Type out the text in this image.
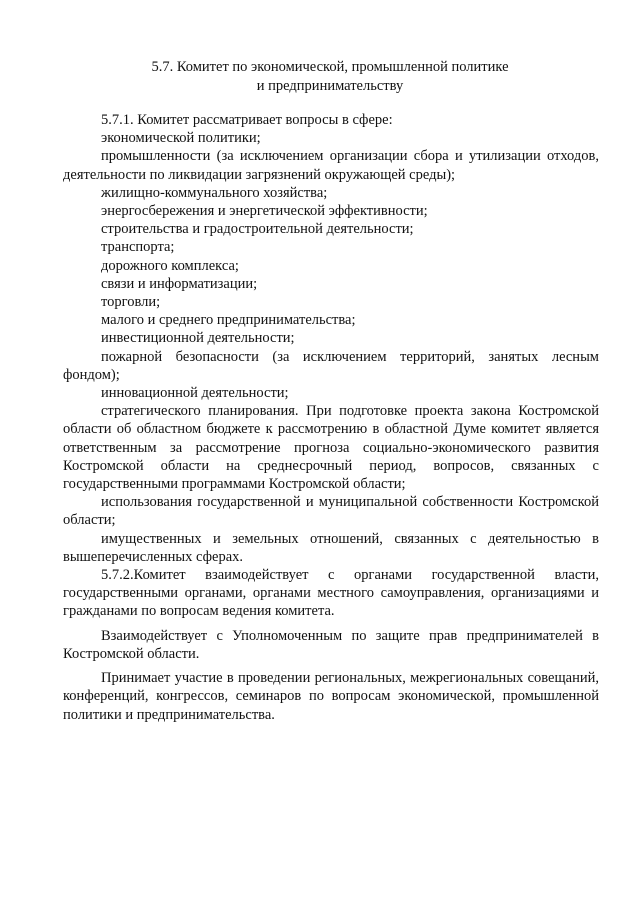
5.7. Комитет по экономической, промышленной политике
и предпринимательству

5.7.1. Комитет рассматривает вопросы в сфере:

экономической политики;

промышленности (за исключением организации сбора и утилизации отходов, деятельности по ликвидации загрязнений окружающей среды);

жилищно-коммунального хозяйства;

энергосбережения и энергетической эффективности;

строительства и градостроительной деятельности;

транспорта;

дорожного комплекса;

связи и информатизации;

торговли;

малого и среднего предпринимательства;

инвестиционной деятельности;

пожарной безопасности (за исключением территорий, занятых лесным фондом);

инновационной деятельности;

стратегического планирования. При подготовке проекта закона Костромской области об областном бюджете к рассмотрению в областной Думе комитет является ответственным за рассмотрение прогноза социально-экономического развития Костромской области на среднесрочный период, вопросов, связанных с государственными программами Костромской области;

использования государственной и муниципальной собственности Костромской области;

имущественных и земельных отношений, связанных с деятельностью в вышеперечисленных сферах.

5.7.2.Комитет взаимодействует с органами государственной власти, государственными органами, органами местного самоуправления, организациями и гражданами по вопросам ведения комитета.

Взаимодействует с Уполномоченным по защите прав предпринимателей в Костромской области.

Принимает участие в проведении региональных, межрегиональных совещаний, конференций, конгрессов, семинаров по вопросам экономической, промышленной политики и предпринимательства.
